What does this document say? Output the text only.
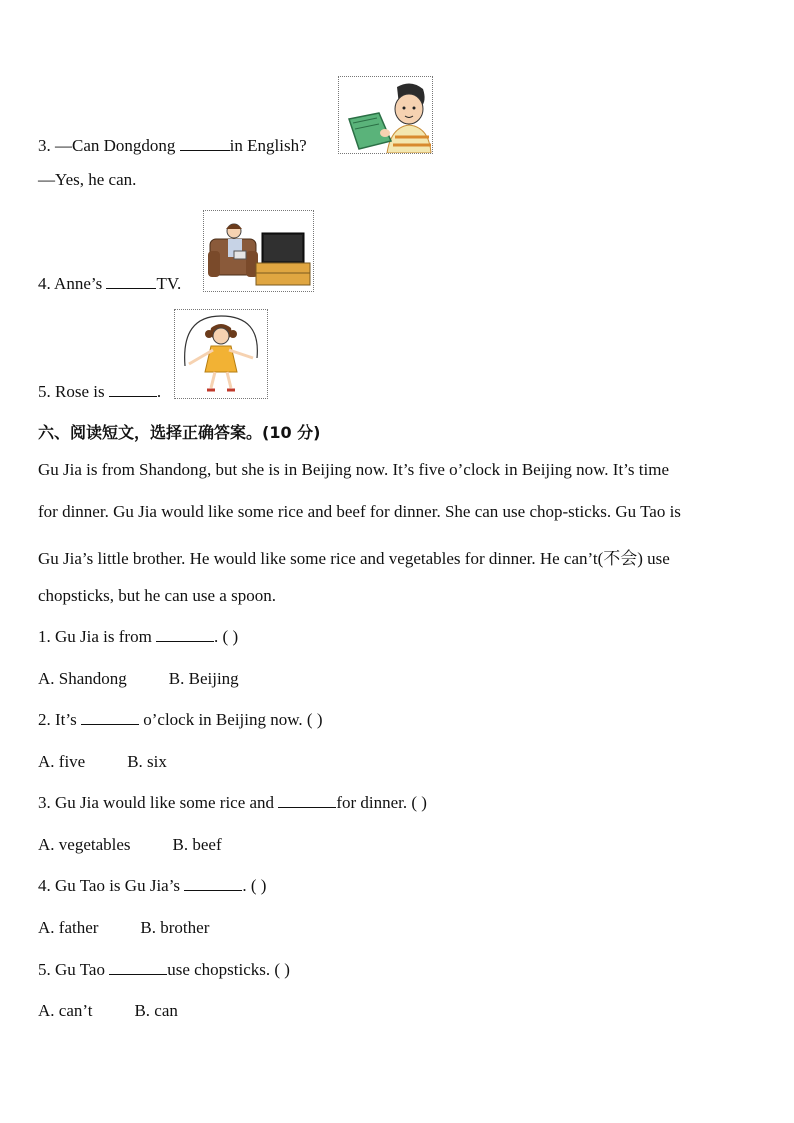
3. —Can Dongdong	in English?
—Yes, he can.
4. Anne’s	TV.
5. Rose is	.
六、阅读短文，选择正确答案。(10 分)
Gu Jia is from Shandong, but she is in Beijing now. It’s five o’clock in Beijing now. It’s time
for dinner. Gu Jia would like some rice and beef for dinner. She can use chop-sticks. Gu Tao is
Gu Jia’s little brother. He would like some rice and vegetables for dinner. He can’t(不会) use
chopsticks, but he can use a spoon.
1. Gu Jia is from	. ( )
A. Shandong B. Beijing
2. It’s	o’clock in Beijing now. ( )
A. five B. six
3. Gu Jia would like some rice and	for dinner. ( )
A. vegetables B. beef
4. Gu Tao is Gu Jia’s	. ( )
A. father B. brother
5. Gu Tao	use chopsticks. ( )
A. can’t B. can
